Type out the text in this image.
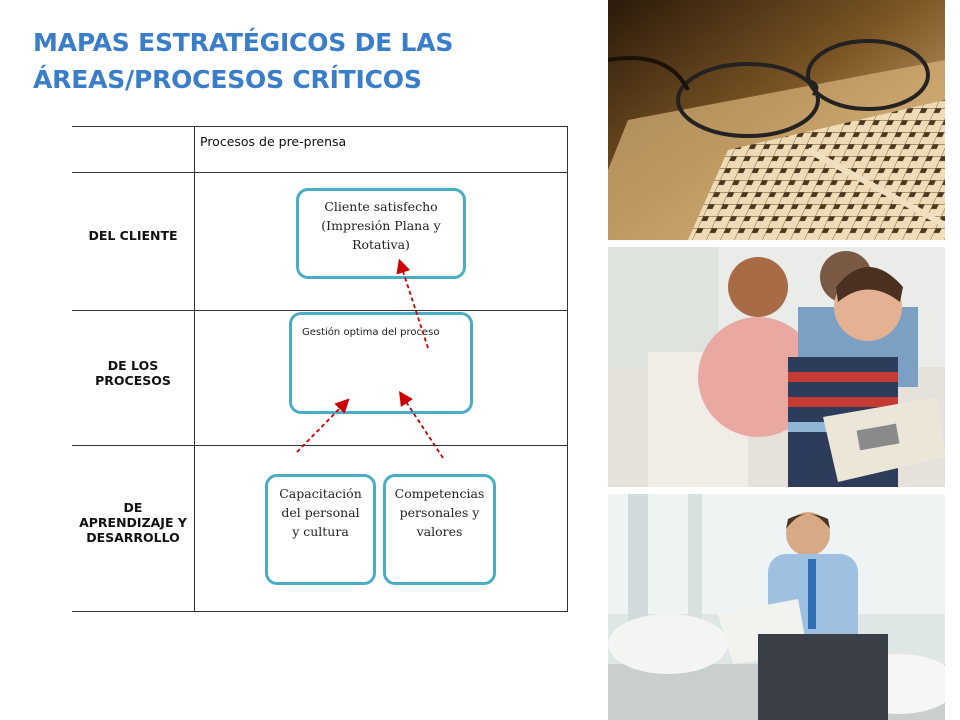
MAPAS ESTRATÉGICOS DE LAS
ÁREAS/PROCESOS CRÍTICOS
Procesos de pre-prensa
DEL CLIENTE
DE LOS
PROCESOS
DE
APRENDIZAJE Y
DESARROLLO
Cliente satisfecho (Impresión Plana y Rotativa)
Gestión optima del proceso
Capacitación del personal y cultura
Competencias personales y valores
